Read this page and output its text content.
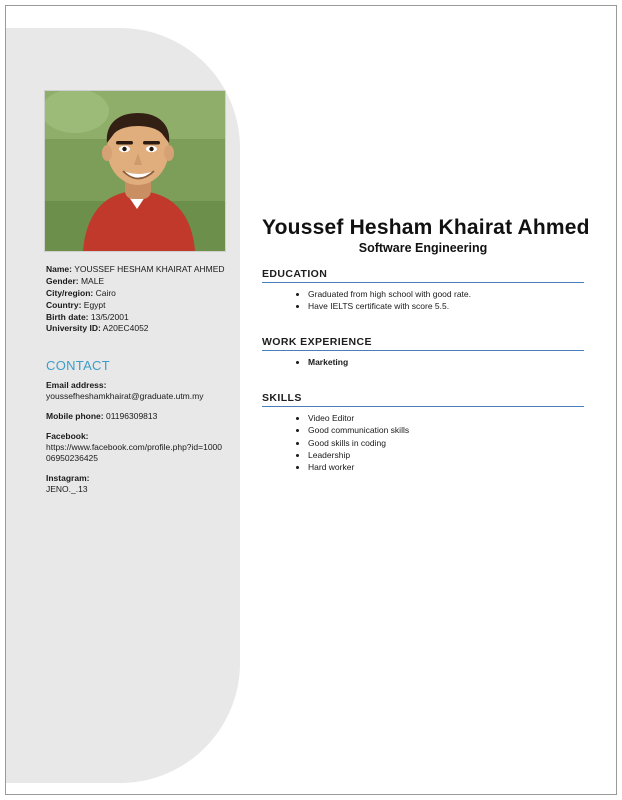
Name: YOUSSEF HESHAM KHAIRAT AHMED

Gender: MALE

City/region: Cairo

Country: Egypt

Birth date: 13/5/2001

University ID: A20EC4052

CONTACT
Email address:
youssefheshamkhairat@graduate.utm.my
Mobile phone: 01196309813
Facebook:
https://www.facebook.com/profile.php?id=100006950236425
Instagram:
JENO._.13
Youssef Hesham Khairat Ahmed
Software Engineering
EDUCATION
• Graduated from high school with good rate.
• Have IELTS certificate with score 5.5.
WORK EXPERIENCE
• Marketing
SKILLS
• Video Editor
• Good communication skills
• Good skills in coding
• Leadership
• Hard worker
